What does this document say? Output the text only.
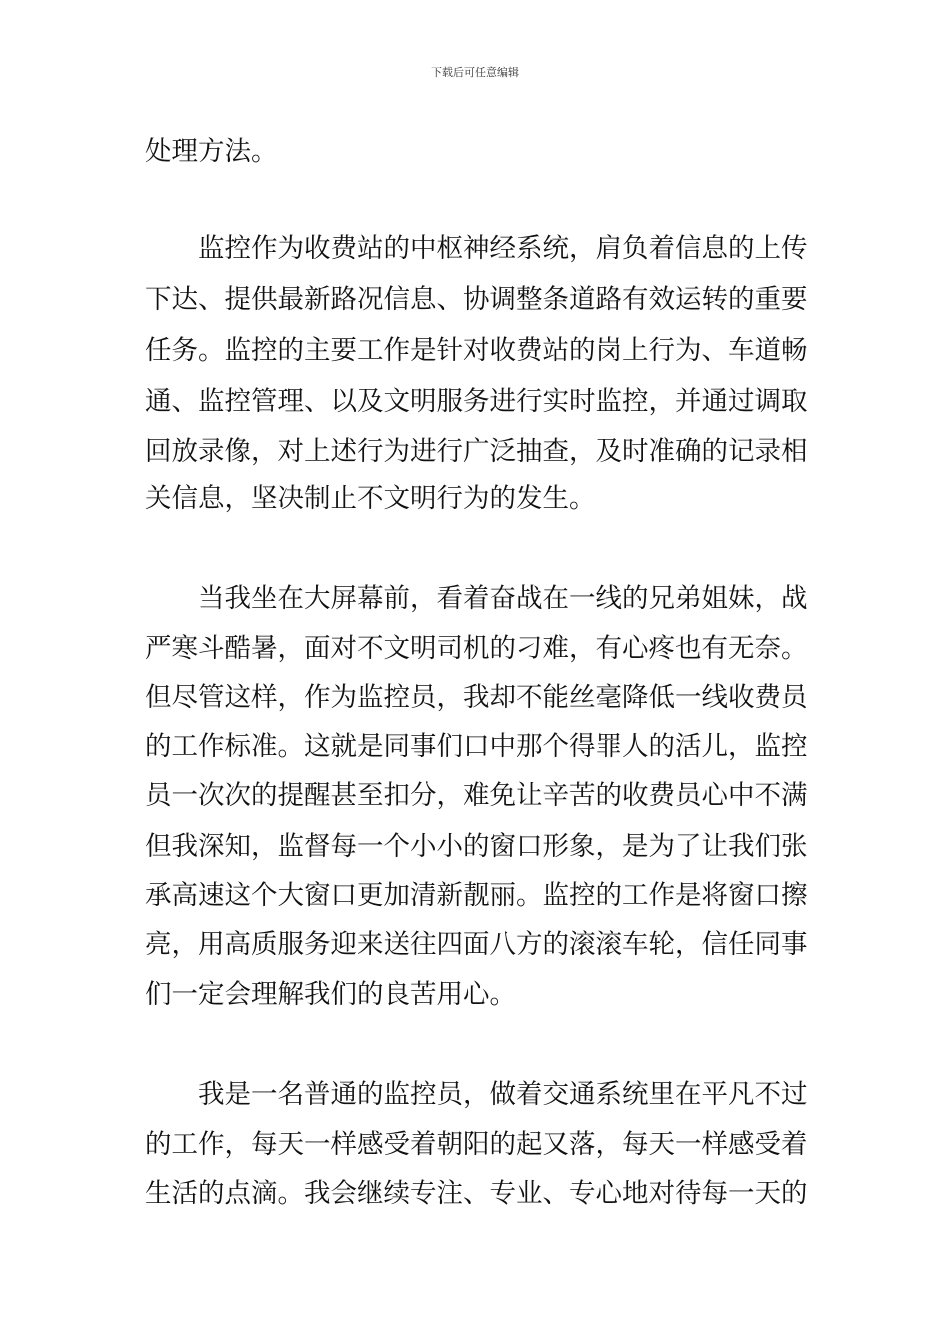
下载后可任意编辑
处理方法。
监控作为收费站的中枢神经系统，肩负着信息的上传
下达、提供最新路况信息、协调整条道路有效运转的重要
任务。监控的主要工作是针对收费站的岗上行为、车道畅
通、监控管理、以及文明服务进行实时监控，并通过调取
回放录像，对上述行为进行广泛抽查，及时准确的记录相
关信息，坚决制止不文明行为的发生。
当我坐在大屏幕前，看着奋战在一线的兄弟姐妹，战
严寒斗酷暑，面对不文明司机的刁难，有心疼也有无奈。
但尽管这样，作为监控员，我却不能丝毫降低一线收费员
的工作标准。这就是同事们口中那个得罪人的活儿，监控
员一次次的提醒甚至扣分，难免让辛苦的收费员心中不满
但我深知，监督每一个小小的窗口形象，是为了让我们张
承高速这个大窗口更加清新靓丽。监控的工作是将窗口擦
亮，用高质服务迎来送往四面八方的滚滚车轮，信任同事
们一定会理解我们的良苦用心。
我是一名普通的监控员，做着交通系统里在平凡不过
的工作，每天一样感受着朝阳的起又落，每天一样感受着
生活的点滴。我会继续专注、专业、专心地对待每一天的
